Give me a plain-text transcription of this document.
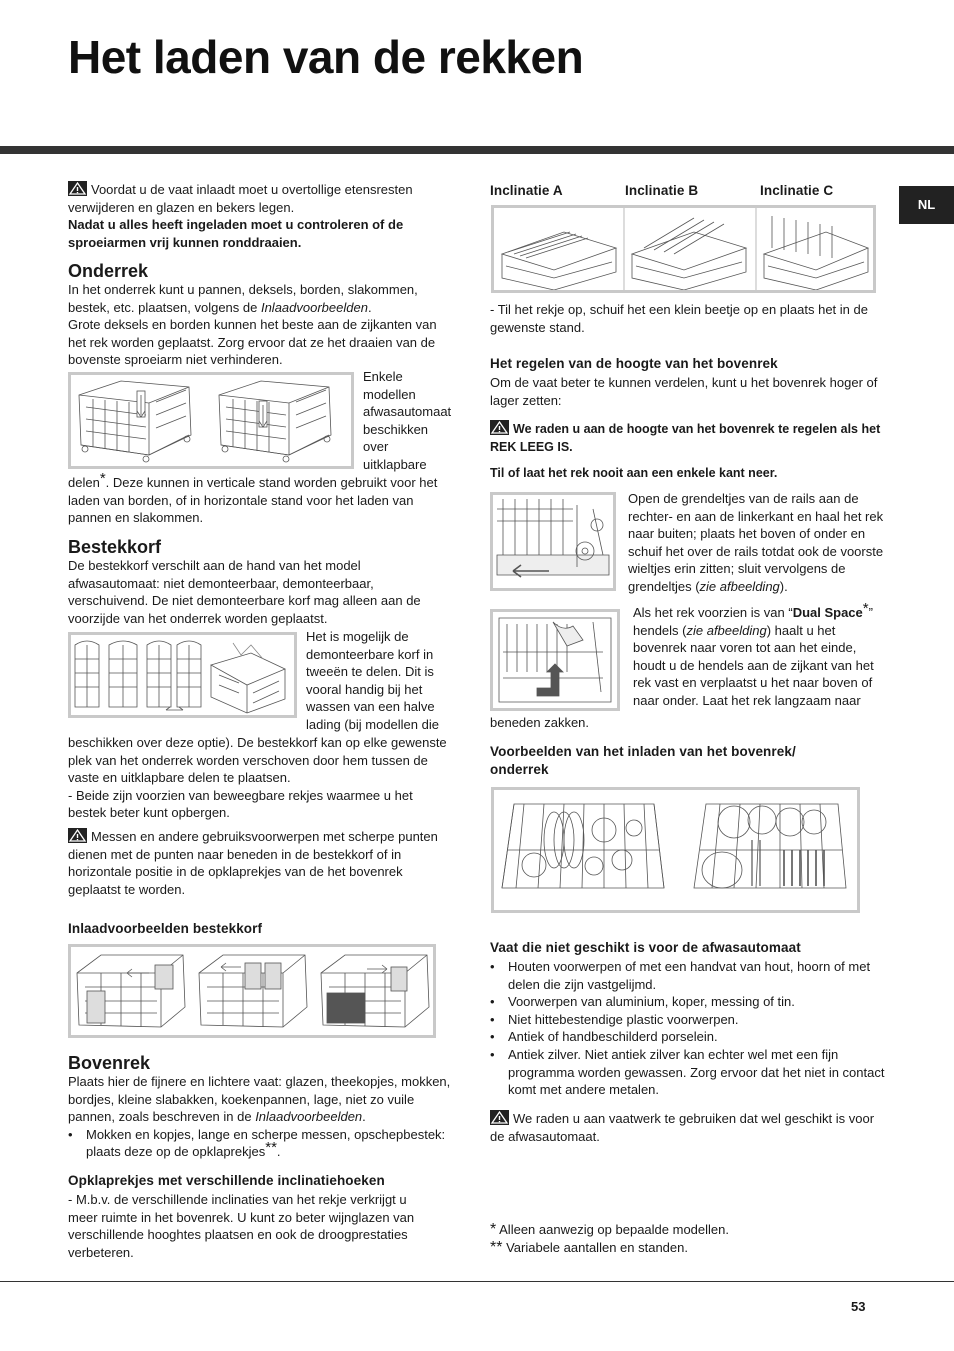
Het laden van de rekken
NL
Voordat u de vaat inlaadt moet u overtollige etensresten verwijderen en glazen en bekers legen.
Nadat u alles heeft ingeladen moet u controleren of de sproeiarmen vrij kunnen ronddraaien.
Onderrek
In het onderrek kunt u pannen, deksels, borden, slakommen, bestek, etc. plaatsen, volgens de Inlaadvoorbeelden.
Grote deksels en borden kunnen het beste aan de zijkanten van het rek worden geplaatst. Zorg ervoor dat ze het draaien van de bovenste sproeiarm niet verhinderen.
Enkele
modellen
afwasautomaat
beschikken
over
uitklapbare
delen*. Deze kunnen in verticale stand worden gebruikt voor het laden van borden, of in horizontale stand voor het laden van pannen en slakommen.
Bestekkorf
De bestekkorf verschilt aan de hand van het model afwasautomaat: niet demonteerbaar, demonteerbaar, verschuivend. De niet demonteerbare korf mag alleen aan de voorzijde van het onderrek worden geplaatst.
Het is mogelijk de
demonteerbare korf in
tweeën te delen. Dit is
vooral handig bij het
wassen van een halve
lading (bij modellen die
beschikken over deze optie). De bestekkorf kan op elke gewenste plek van het onderrek worden verschoven door hem tussen de vaste en uitklapbare delen te plaatsen.
- Beide zijn voorzien van beweegbare rekjes waarmee u het bestek beter kunt opbergen.
Messen en andere gebruiksvoorwerpen met scherpe punten dienen met de punten naar beneden in de bestekkorf of in horizontale positie in de opklaprekjes van de het bovenrek geplaatst te worden.
Inlaadvoorbeelden bestekkorf
Bovenrek
Plaats hier de fijnere en lichtere vaat: glazen, theekopjes, mokken, bordjes, kleine slabakken, koekenpannen, lage, niet zo vuile pannen, zoals beschreven in de Inlaadvoorbeelden.
• Mokken en kopjes, lange en scherpe messen, opschepbestek: plaats deze op de opklaprekjes**.
Opklaprekjes met verschillende inclinatiehoeken
- M.b.v. de verschillende inclinaties van het rekje verkrijgt u meer ruimte in het bovenrek. U kunt zo beter wijnglazen van verschillende hooghtes plaatsen en ook de droogprestaties verbeteren.
Inclinatie A	Inclinatie B	Inclinatie C
- Til het rekje op, schuif het een klein beetje op en plaats het in de gewenste stand.
Het regelen van de hoogte van het bovenrek
Om de vaat beter te kunnen verdelen, kunt u het bovenrek hoger of lager zetten:
We raden u aan de hoogte van het bovenrek te regelen als het REK LEEG IS.
Til of laat het rek nooit aan een enkele kant neer.
Open de grendeltjes van de rails aan de rechter- en aan de linkerkant en haal het rek naar buiten; plaats het boven of onder en schuif het over de rails totdat ook de voorste wieltjes erin zitten; sluit vervolgens de grendeltjes (zie afbeelding).
Als het rek voorzien is van “Dual Space*” hendels (zie afbeelding) haalt u het bovenrek naar voren tot aan het einde, houdt u de hendels aan de zijkant van het rek vast en verplaatst u het naar boven of naar onder. Laat het rek langzaam naar
beneden zakken.
Voorbeelden van het inladen van het bovenrek/ onderrek
Vaat die niet geschikt is voor de afwasautomaat
• Houten voorwerpen of met een handvat van hout, hoorn of met delen die zijn vastgelijmd.
• Voorwerpen van aluminium, koper, messing of tin.
• Niet hittebestendige plastic voorwerpen.
• Antiek of handbeschilderd porselein.
• Antiek zilver. Niet antiek zilver kan echter wel met een fijn programma worden gewassen. Zorg ervoor dat het niet in contact komt met andere metalen.
We raden u aan vaatwerk te gebruiken dat wel geschikt is voor de afwasautomaat.
* Alleen aanwezig op bepaalde modellen.
** Variabele aantallen en standen.
53
